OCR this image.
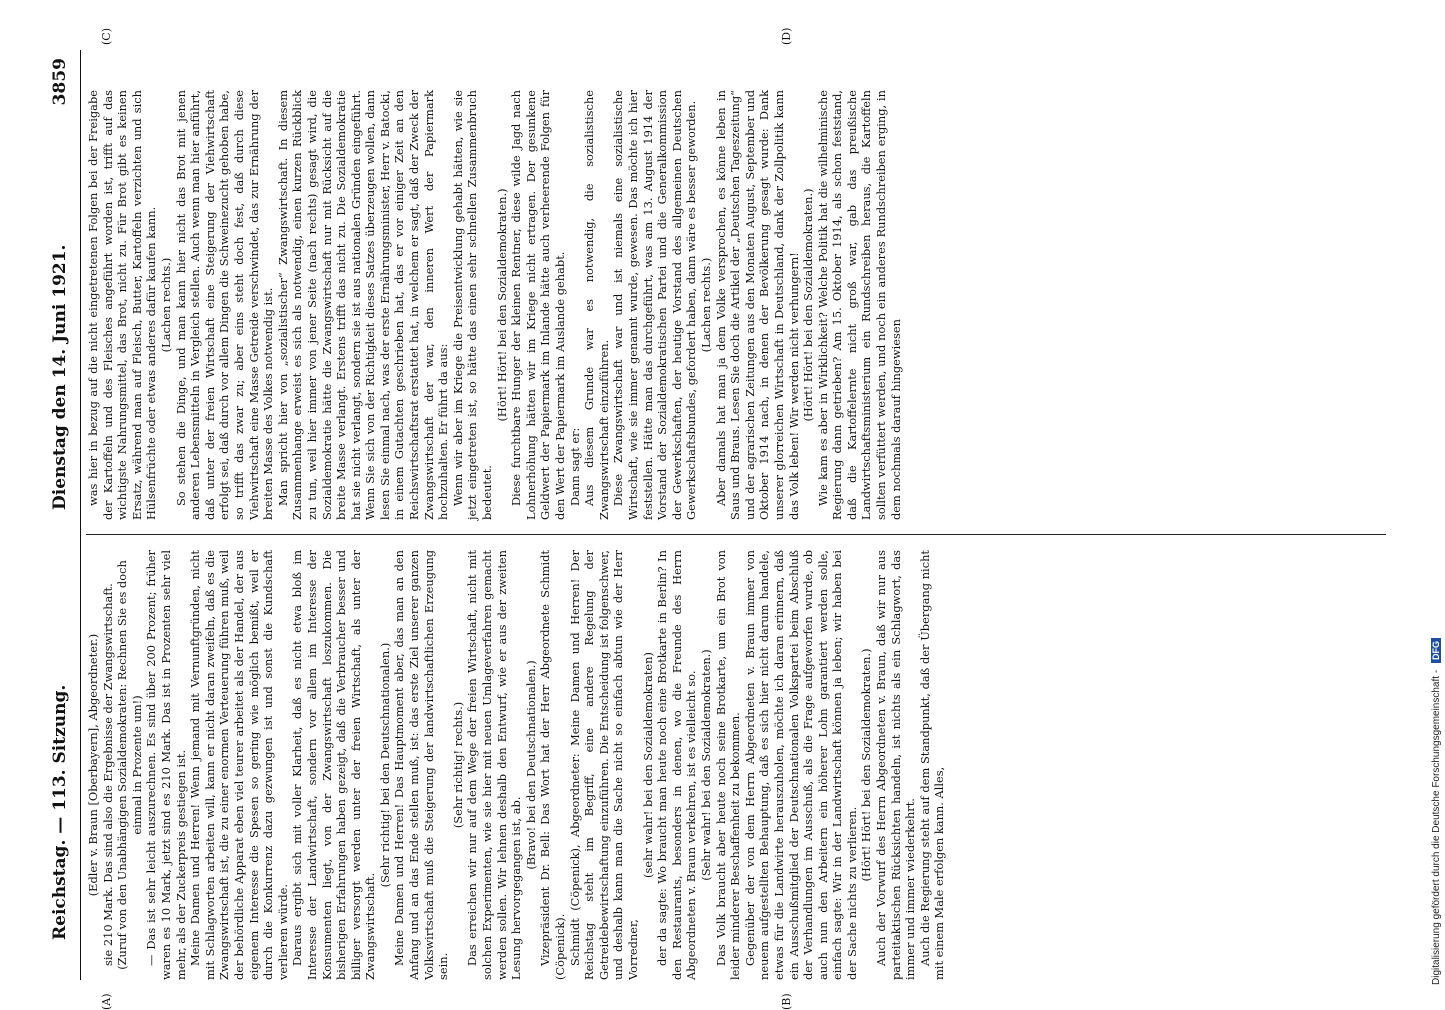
Reichstag. — 113. Sitzung.
3859
Dienstag den 14. Juni 1921.

(Edler v. Braun [Oberbayern], Abgeordneter.) sie 210 Mark. Das sind also die Ergebnisse der Zwangswirtschaft. (Zuruf von den Unabhängigen Sozialdemokraten: Rechnen Sie es doch einmal in Prozente um!) — Das ist sehr leicht auszurechnen. Es sind über 200 Prozent; früher waren es 10 Mark, jetzt sind es 210 Mark. Das ist in Prozenten sehr viel mehr, als der Zuckerpreis gestiegen ist. Meine Damen und Herren! Wenn jemand mit Vernunftgründen, nicht mit Schlagworten arbeiten will, kann er nicht daran zweifeln, daß es die Zwangswirtschaft ist, die zu einer enormen Verteuerung führen muß, weil der behördliche Apparat eben viel teurer arbeitet als der Handel, der aus eigenem Interesse die Spesen so gering wie möglich bemißt, weil er durch die Konkurrenz dazu gezwungen ist und sonst die Kundschaft verlieren würde. Daraus ergibt sich mit voller Klarheit, daß es nicht etwa bloß im Interesse der Landwirtschaft, sondern vor allem im Interesse der Konsumenten liegt, von der Zwangswirtschaft loszukommen. Die bisherigen Erfahrungen haben gezeigt, daß die Verbraucher besser und billiger versorgt werden unter der freien Wirtschaft, als unter der Zwangswirtschaft.

(Sehr richtig! bei den Deutschnationalen.) Meine Damen und Herren! Das Hauptmoment aber, das man an den Anfang und an das Ende stellen muß, ist: das erste Ziel unserer ganzen Volkswirtschaft muß die Steigerung der landwirtschaftlichen Erzeugung sein.

(Sehr richtig! rechts.) Das erreichen wir nur auf dem Wege der freien Wirtschaft, nicht mit solchen Experimenten, wie sie hier mit neuen Umlageverfahren gemacht werden sollen. Wir lehnen deshalb den Entwurf, wie er aus der zweiten Lesung hervorgegangen ist, ab.

(Bravo! bei den Deutschnationalen.) Vizepräsident Dr. Bell: Das Wort hat der Herr Abgeordnete Schmidt (Cöpenick). Schmidt (Cöpenick), Abgeordneter: Meine Damen und Herren! Der Reichstag steht im Begriff, eine andere Regelung der Getreidebewirtschaftung einzuführen. Die Entscheidung ist folgenschwer, und deshalb kann man die Sache nicht so einfach abtun wie der Herr Vorredner,

(sehr wahr! bei den Sozialdemokraten) der da sagte: Wo braucht man heute noch eine Brotkarte in Berlin? In den Restaurants, besonders in denen, wo die Freunde des Herrn Abgeordneten v. Braun verkehren, ist es vielleicht so. (Sehr wahr! bei den Sozialdemokraten.) Das Volk braucht aber heute noch seine Brotkarte, um ein Brot von leider minderer Beschaffenheit zu bekommen. Gegenüber der von dem Herrn Abgeordneten v. Braun immer von neuem aufgestellten Behauptung, daß es sich hier nicht darum handele, etwas für die Landwirte herauszuholen, möchte ich daran erinnern, daß ein Ausschußmitglied der Deutschnationalen Volkspartei beim Abschluß der Verhandlungen im Ausschuß, als die Frage aufgeworfen wurde, ob auch nun den Arbeitern ein höherer Lohn garantiert werden solle, einfach sagte: Wir in der Landwirtschaft können ja leben; wir haben bei der Sache nichts zu verlieren.

(Hört! Hört! bei den Sozialdemokraten.) Auch der Vorwurf des Herrn Abgeordneten v. Braun, daß wir nur aus parteitaktischen Rücksichten handeln, ist nichts als ein Schlagwort, das immer und immer wiederkehrt. Auch die Regierung steht auf dem Standpunkt, daß der Übergang nicht mit einem Male erfolgen kann. Alles,

was hier in bezug auf die nicht eingetretenen Folgen bei der Freigabe der Kartoffeln und des Fleisches angeführt worden ist, trifft auf das wichtigste Nahrungsmittel, das Brot, nicht zu. Für Brot gibt es keinen Ersatz, während man auf Fleisch, Butter, Kartoffeln verzichten und sich Hülsenfrüchte oder etwas anderes dafür kaufen kann. (Lachen rechts.) So stehen die Dinge, und man kann hier nicht das Brot mit jenen anderen Lebensmitteln in Vergleich stellen. Auch wenn man hier anführt, daß unter der freien Wirtschaft eine Steigerung der Viehwirtschaft erfolgt sei, daß durch vor allem Dingen die Schweinezucht gehoben habe, so trifft das zwar zu; aber eins steht doch fest, daß durch diese Viehwirtschaft eine Masse Getreide verschwindet, das zur Ernährung der breiten Masse des Volkes notwendig ist. Man spricht hier von „sozialistischer“ Zwangswirtschaft. In diesem Zusammenhange erweist es sich als notwendig, einen kurzen Rückblick zu tun, weil hier immer von jener Seite (nach rechts) gesagt wird, die Sozialdemokratie hätte die Zwangswirtschaft nur mit Rücksicht auf die breite Masse verlangt. Erstens trifft das nicht zu. Die Sozialdemokratie hat sie nicht verlangt, sondern sie ist aus nationalen Gründen eingeführt. Wenn Sie sich von der Richtigkeit dieses Satzes überzeugen wollen, dann lesen Sie einmal nach, was der erste Ernährungsminister, Herr v. Batocki, in einem Gutachten geschrieben hat, das er vor einiger Zeit an den Reichswirtschaftsrat erstattet hat, in welchem er sagt, daß der Zweck der Zwangswirtschaft der war, den inneren Wert der Papiermark hochzuhalten. Er führt da aus: Wenn wir aber im Kriege die Preisentwicklung gehabt hätten, wie sie jetzt eingetreten ist, so hätte das einen sehr schnellen Zusammenbruch bedeutet.

(Hört! Hört! bei den Sozialdemokraten.) Diese furchtbare Hunger der kleinen Rentner, diese wilde Jagd nach Lohnerhöhung hätten wir im Kriege nicht ertragen. Der gesunkene Geldwert der Papiermark im Inlande hätte auch verheerende Folgen für den Wert der Papiermark im Auslande gehabt. Dann sagt er: Aus diesem Grunde war es notwendig, die sozialistische Zwangswirtschaft einzuführen. Diese Zwangswirtschaft war und ist niemals eine sozialistische Wirtschaft, wie sie immer genannt wurde, gewesen. Das möchte ich hier feststellen. Hätte man das durchgeführt, was am 13. August 1914 der Vorstand der Sozialdemokratischen Partei und die Generalkommission der Gewerkschaften, der heutige Vorstand des allgemeinen Deutschen Gewerkschaftsbundes, gefordert haben, dann wäre es besser geworden. (Lachen rechts.) Aber damals hat man ja dem Volke versprochen, es könne leben in Saus und Braus. Lesen Sie doch die Artikel der „Deutschen Tageszeitung“ und der agrarischen Zeitungen aus den Monaten August, September und Oktober 1914 nach, in denen der Bevölkerung gesagt wurde: Dank unserer glorreichen Wirtschaft in Deutschland, dank der Zollpolitik kann das Volk leben! Wir werden nicht verhungern! (Hört! Hört! bei den Sozialdemokraten.) Wie kam es aber in Wirklichkeit? Welche Politik hat die wilhelminische Regierung dann getrieben? Am 15. Oktober 1914, als schon feststand, daß die Kartoffelernte nicht groß war, gab das preußische Landwirtschaftsministerium ein Rundschreiben heraus, die Kartoffeln sollten verfüttert werden, und noch ein anderes Rundschreiben erging, in dem nochmals darauf hingewiesen

(A)	(B)
(C)	(D)
Digitalisierung gefördert durch die Deutsche Forschungsgemeinschaft - DFG
